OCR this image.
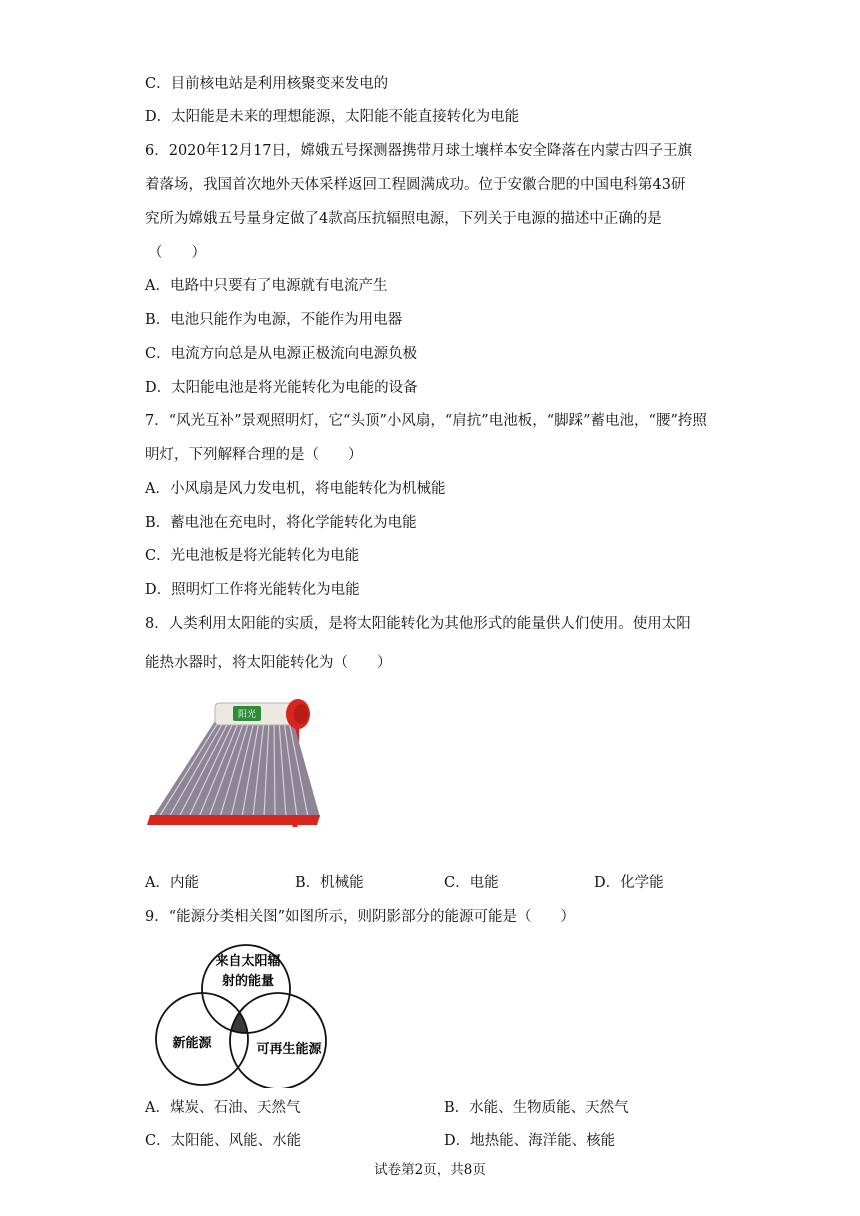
C．目前核电站是利用核聚变来发电的
D．太阳能是未来的理想能源，太阳能不能直接转化为电能
6．2020年12月17日，嫦娥五号探测器携带月球土壤样本安全降落在内蒙古四子王旗
着落场，我国首次地外天体采样返回工程圆满成功。位于安徽合肥的中国电科第43研
究所为嫦娥五号量身定做了4款高压抗辐照电源，下列关于电源的描述中正确的是
（　　）
A．电路中只要有了电源就有电流产生
B．电池只能作为电源，不能作为用电器
C．电流方向总是从电源正极流向电源负极
D．太阳能电池是将光能转化为电能的设备
7．“风光互补”景观照明灯，它“头顶”小风扇，“肩抗”电池板，“脚踩”蓄电池，“腰”挎照
明灯，下列解释合理的是（　　）
A．小风扇是风力发电机，将电能转化为机械能
B．蓄电池在充电时，将化学能转化为电能
C．光电池板是将光能转化为电能
D．照明灯工作将光能转化为电能
8．人类利用太阳能的实质，是将太阳能转化为其他形式的能量供人们使用。使用太阳
能热水器时，将太阳能转化为（　　）
阳光
A．内能	B．机械能	C．电能	D．化学能
9．“能源分类相关图”如图所示，则阴影部分的能源可能是（　　）
来自太阳辐
射的能量
新能源	可再生能源
A．煤炭、石油、天然气	B．水能、生物质能、天然气
C．太阳能、风能、水能	D．地热能、海洋能、核能
试卷第2页，共8页
